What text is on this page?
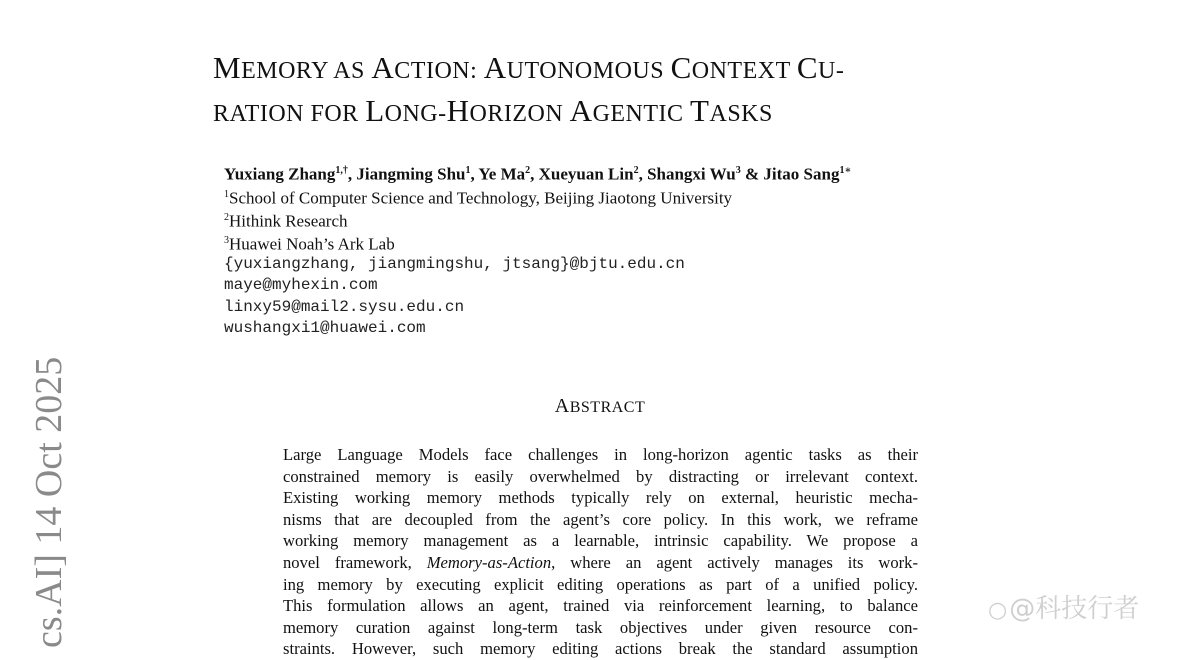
cs.AI] 14 Oct 2025
MEMORY AS ACTION: AUTONOMOUS CONTEXT CU-
RATION FOR LONG-HORIZON AGENTIC TASKS
Yuxiang Zhang$^{1,\dagger}$, Jiangming Shu$^1$, Ye Ma$^2$, Xueyuan Lin$^2$, Shangxi Wu$^3$ & Jitao Sang$^{1∗}$
$^1$School of Computer Science and Technology, Beijing Jiaotong University
$^2$Hithink Research
$^3$Huawei Noah’s Ark Lab
{yuxiangzhang, jiangmingshu, jtsang}@bjtu.edu.cn
maye@myhexin.com
linxy59@mail2.sysu.edu.cn
wushangxi1@huawei.com
ABSTRACT
Large Language Models face challenges in long-horizon agentic tasks as their
constrained memory is easily overwhelmed by distracting or irrelevant context.
Existing working memory methods typically rely on external, heuristic mecha-
nisms that are decoupled from the agent’s core policy. In this work, we reframe
working memory management as a learnable, intrinsic capability. We propose a
novel framework, Memory-as-Action, where an agent actively manages its work-
ing memory by executing explicit editing operations as part of a unified policy.
This formulation allows an agent, trained via reinforcement learning, to balance
memory curation against long-term task objectives under given resource con-
straints. However, such memory editing actions break the standard assumption
○@科技行者
